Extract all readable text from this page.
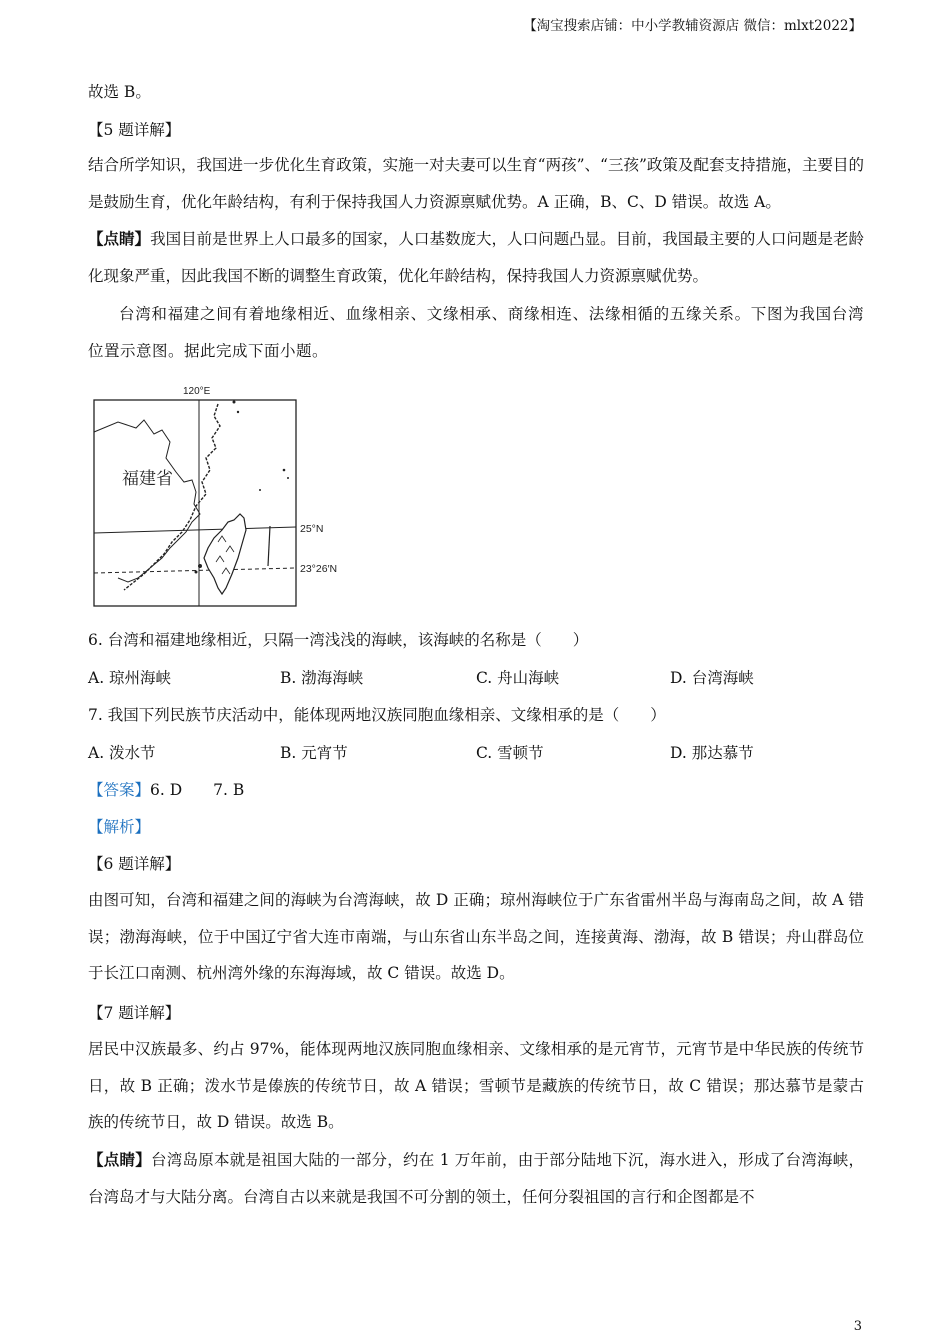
【淘宝搜索店铺：中小学教辅资源店 微信：mlxt2022】
故选 B。
【5 题详解】
结合所学知识，我国进一步优化生育政策，实施一对夫妻可以生育“两孩”、“三孩”政策及配套支持措施，主要目的是鼓励生育，优化年龄结构，有利于保持我国人力资源禀赋优势。A 正确，B、C、D 错误。故选 A。
【点睛】我国目前是世界上人口最多的国家，人口基数庞大，人口问题凸显。目前，我国最主要的人口问题是老龄化现象严重，因此我国不断的调整生育政策，优化年龄结构，保持我国人力资源禀赋优势。
台湾和福建之间有着地缘相近、血缘相亲、文缘相承、商缘相连、法缘相循的五缘关系。下图为我国台湾位置示意图。据此完成下面小题。
120°E
福建省
25°N
23°26′N
6. 台湾和福建地缘相近，只隔一湾浅浅的海峡，该海峡的名称是（　　）
A. 琼州海峡	B. 渤海海峡	C. 舟山海峡	D. 台湾海峡
7. 我国下列民族节庆活动中，能体现两地汉族同胞血缘相亲、文缘相承的是（　　）
A. 泼水节	B. 元宵节	C. 雪顿节	D. 那达慕节
【答案】6. D　　7. B
【解析】
【6 题详解】
由图可知，台湾和福建之间的海峡为台湾海峡，故 D 正确；琼州海峡位于广东省雷州半岛与海南岛之间，故 A 错误；渤海海峡，位于中国辽宁省大连市南端，与山东省山东半岛之间，连接黄海、渤海，故 B 错误；舟山群岛位于长江口南测、杭州湾外缘的东海海域，故 C 错误。故选 D。
【7 题详解】
居民中汉族最多、约占 97%，能体现两地汉族同胞血缘相亲、文缘相承的是元宵节，元宵节是中华民族的传统节日，故 B 正确；泼水节是傣族的传统节日，故 A 错误；雪顿节是藏族的传统节日，故 C 错误；那达慕节是蒙古族的传统节日，故 D 错误。故选 B。
【点睛】台湾岛原本就是祖国大陆的一部分，约在 1 万年前，由于部分陆地下沉，海水进入，形成了台湾海峡，台湾岛才与大陆分离。台湾自古以来就是我国不可分割的领土，任何分裂祖国的言行和企图都是不
3
